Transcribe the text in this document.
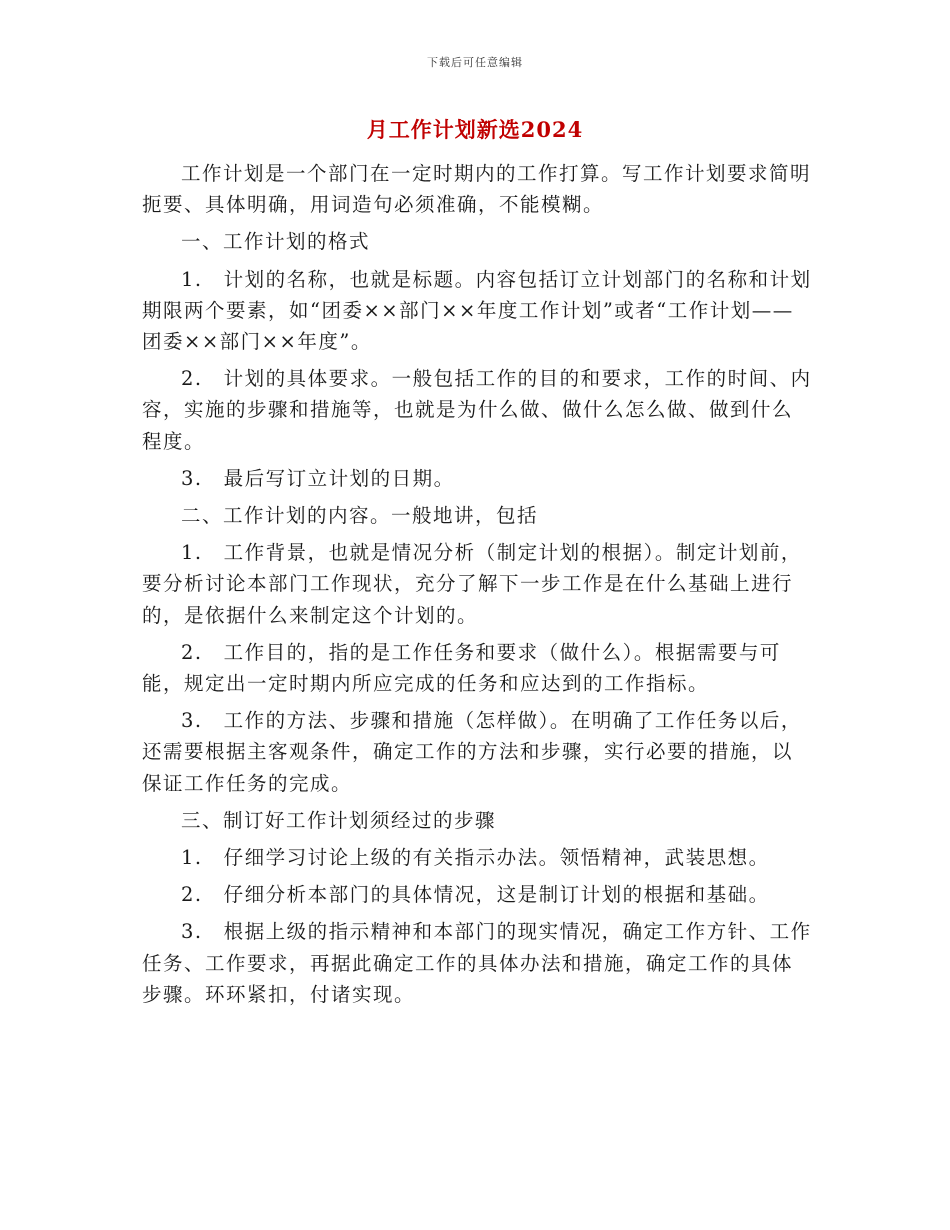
下载后可任意编辑
月工作计划新选2024

工作计划是一个部门在一定时期内的工作打算。写工作计划要求简明扼要、具体明确，用词造句必须准确，不能模糊。

一、工作计划的格式

1.　计划的名称，也就是标题。内容包括订立计划部门的名称和计划期限两个要素，如“团委××部门××年度工作计划”或者“工作计划——团委××部门××年度”。

2.　计划的具体要求。一般包括工作的目的和要求，工作的时间、内容，实施的步骤和措施等，也就是为什么做、做什么怎么做、做到什么程度。

3.　最后写订立计划的日期。

二、工作计划的内容。一般地讲，包括

1.　工作背景，也就是情况分析（制定计划的根据）。制定计划前，要分析讨论本部门工作现状，充分了解下一步工作是在什么基础上进行的，是依据什么来制定这个计划的。

2.　工作目的，指的是工作任务和要求（做什么）。根据需要与可能，规定出一定时期内所应完成的任务和应达到的工作指标。

3.　工作的方法、步骤和措施（怎样做）。在明确了工作任务以后，还需要根据主客观条件，确定工作的方法和步骤，实行必要的措施，以保证工作任务的完成。

三、制订好工作计划须经过的步骤

1.　仔细学习讨论上级的有关指示办法。领悟精神，武装思想。

2.　仔细分析本部门的具体情况，这是制订计划的根据和基础。

3.　根据上级的指示精神和本部门的现实情况，确定工作方针、工作任务、工作要求，再据此确定工作的具体办法和措施，确定工作的具体步骤。环环紧扣，付诸实现。
